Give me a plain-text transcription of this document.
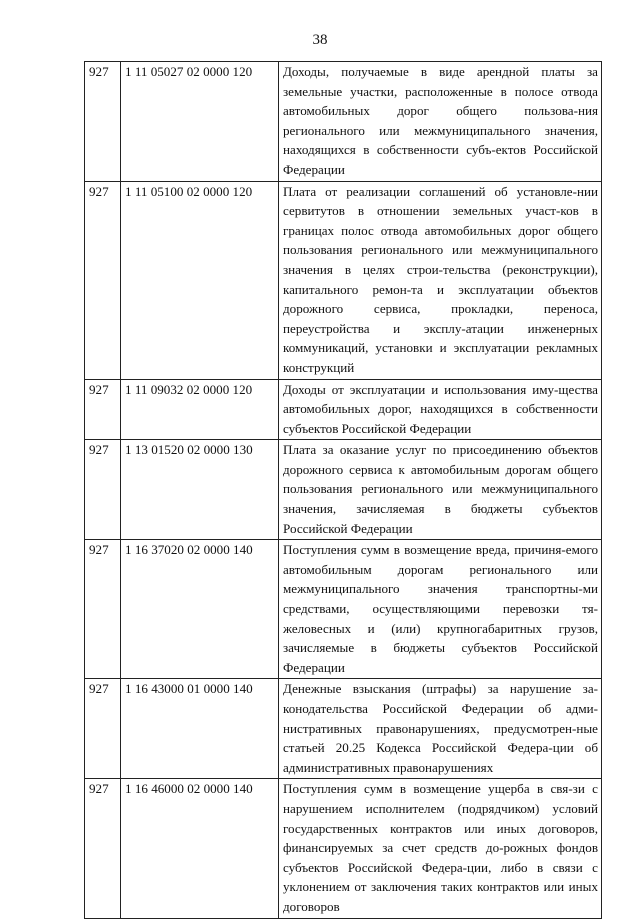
38
927	1 11 05027 02 0000 120	Доходы, получаемые в виде арендной платы за земельные участки, расположенные в полосе отвода автомобильных дорог общего пользова-ния регионального или межмуниципального значения, находящихся в собственности субъ-ектов Российской Федерации
927	1 11 05100 02 0000 120	Плата от реализации соглашений об установле-нии сервитутов в отношении земельных участ-ков в границах полос отвода автомобильных дорог общего пользования регионального или межмуниципального значения в целях строи-тельства (реконструкции), капитального ремон-та и эксплуатации объектов дорожного сервиса, прокладки, переноса, переустройства и эксплу-атации инженерных коммуникаций, установки и эксплуатации рекламных конструкций
927	1 11 09032 02 0000 120	Доходы от эксплуатации и использования иму-щества автомобильных дорог, находящихся в собственности субъектов Российской Федерации
927	1 13 01520 02 0000 130	Плата за оказание услуг по присоединению объектов дорожного сервиса к автомобильным дорогам общего пользования регионального или межмуниципального значения, зачисляемая в бюджеты субъектов Российской Федерации
927	1 16 37020 02 0000 140	Поступления сумм в возмещение вреда, причиня-емого автомобильным дорогам регионального или межмуниципального значения транспортны-ми средствами, осуществляющими перевозки тя-желовесных и (или) крупногабаритных грузов, зачисляемые в бюджеты субъектов Российской Федерации
927	1 16 43000 01 0000 140	Денежные взыскания (штрафы) за нарушение за-конодательства Российской Федерации об адми-нистративных правонарушениях, предусмотрен-ные статьей 20.25 Кодекса Российской Федера-ции об административных правонарушениях
927	1 16 46000 02 0000 140	Поступления сумм в возмещение ущерба в свя-зи с нарушением исполнителем (подрядчиком) условий государственных контрактов или иных договоров, финансируемых за счет средств до-рожных фондов субъектов Российской Федера-ции, либо в связи с уклонением от заключения таких контрактов или иных договоров
